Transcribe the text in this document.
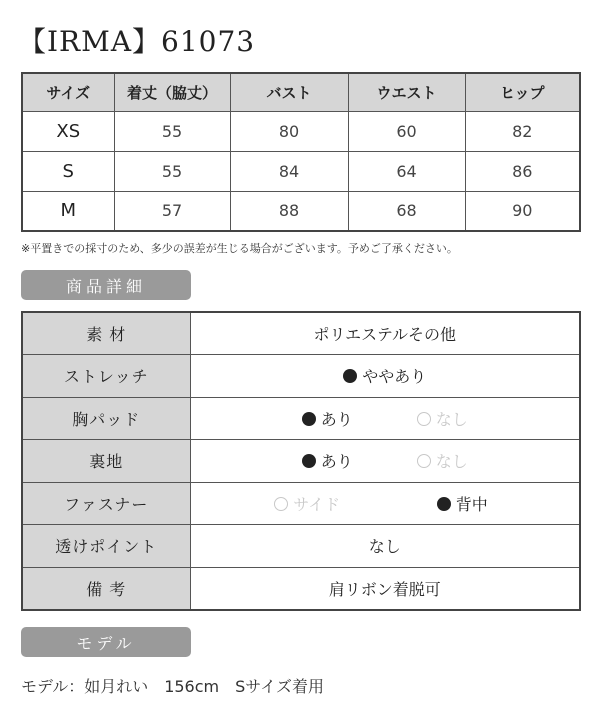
【IRMA】61073
サイズ	着丈（脇丈）	バスト	ウエスト	ヒップ
XS	55	80	60	82
S	55	84	64	86
M	57	88	68	90
※平置きでの採寸のため、多少の誤差が生じる場合がございます。予めご了承ください。
商品詳細
素 材	ポリエステルその他
ストレッチ	ややあり
胸パッド	あり なし
裏地	あり なし
ファスナー	サイド 背中
透けポイント	なし
備 考	肩リボン着脱可
モデル
モデル：如月れい　156cm　Sサイズ着用
